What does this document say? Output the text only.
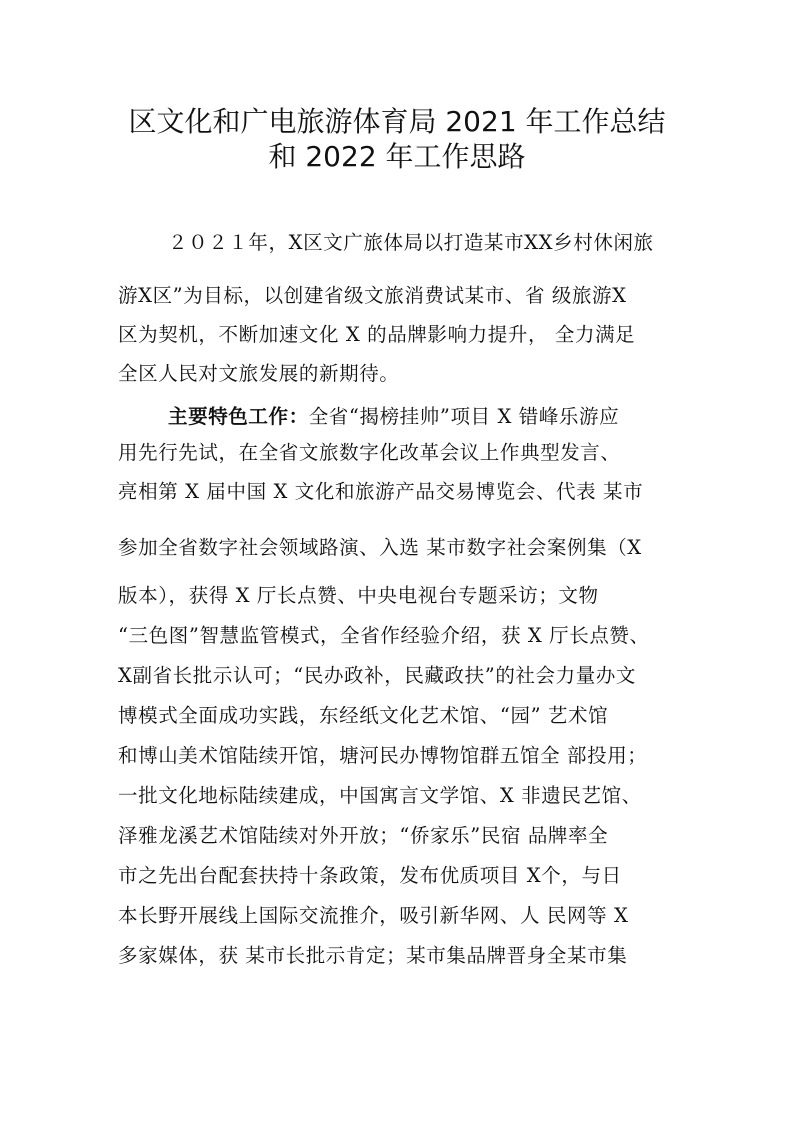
区文化和广电旅游体育局 2021 年工作总结
和 2022 年工作思路
２０２１年，X区文广旅体局以打造某市XX乡村休闲旅
游X区”为目标，以创建省级文旅消费试某市、省 级旅游X
区为契机，不断加速文化 X 的品牌影响力提升， 全力满足
全区人民对文旅发展的新期待。
主要特色工作：全省“揭榜挂帅”项目 X 错峰乐游应
用先行先试，在全省文旅数字化改革会议上作典型发言、
亮相第 X 届中国 X 文化和旅游产品交易博览会、代表 某市
参加全省数字社会领域路演、入选 某市数字社会案例集（X
版本），获得 X 厅长点赞、中央电视台专题采访；文物
“三色图”智慧监管模式，全省作经验介绍，获 X 厅长点赞、
X副省长批示认可；“民办政补，民藏政扶”的社会力量办文
博模式全面成功实践，东经纸文化艺术馆、“园” 艺术馆
和博山美术馆陆续开馆，塘河民办博物馆群五馆全 部投用；
一批文化地标陆续建成，中国寓言文学馆、X 非遗民艺馆、
泽雅龙溪艺术馆陆续对外开放；“侨家乐”民宿 品牌率全
市之先出台配套扶持十条政策，发布优质项目 X个，与日
本长野开展线上国际交流推介，吸引新华网、人 民网等 X
多家媒体，获 某市长批示肯定；某市集品牌晋身全某市集
